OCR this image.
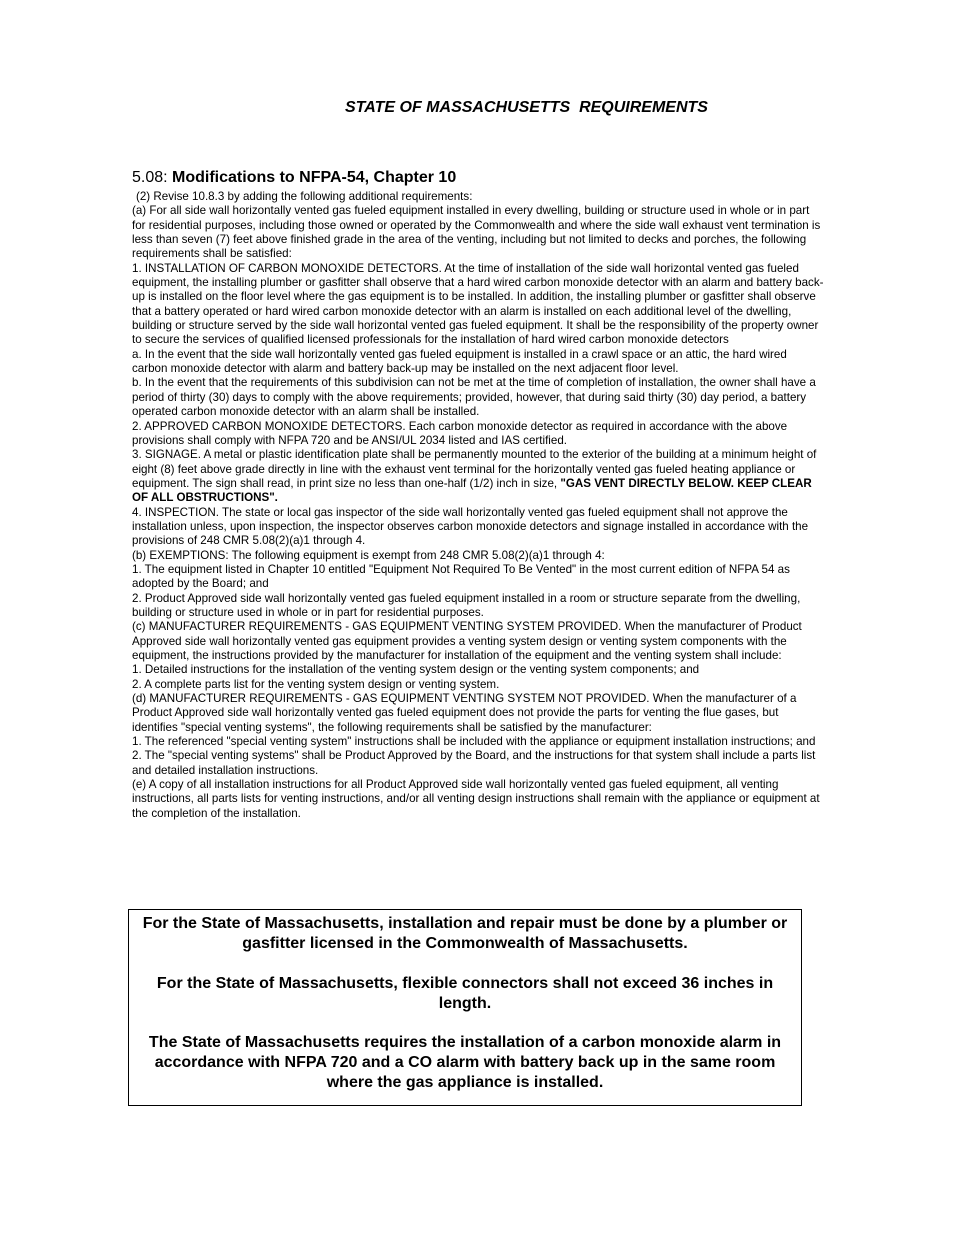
STATE OF MASSACHUSETTS  REQUIREMENTS
5.08: Modifications to NFPA-54, Chapter 10

(2) Revise 10.8.3 by adding the following additional requirements:

(a) For all side wall horizontally vented gas fueled equipment installed in every dwelling, building or structure used in whole or in part for residential purposes, including those owned or operated by the Commonwealth and where the side wall exhaust vent termination is less than seven (7) feet above finished grade in the area of the venting, including but not limited to decks and porches, the following requirements shall be satisfied:

1. INSTALLATION OF CARBON MONOXIDE DETECTORS. At the time of installation of the side wall horizontal vented gas fueled equipment, the installing plumber or gasfitter shall observe that a hard wired carbon monoxide detector with an alarm and battery back-up is installed on the floor level where the gas equipment is to be installed. In addition, the installing plumber or gasfitter shall observe that a battery operated or hard wired carbon monoxide detector with an alarm is installed on each additional level of the dwelling, building or structure served by the side wall horizontal vented gas fueled equipment. It shall be the responsibility of the property owner to secure the services of qualified licensed professionals for the installation of hard wired carbon monoxide detectors

a. In the event that the side wall horizontally vented gas fueled equipment is installed in a crawl space or an attic, the hard wired carbon monoxide detector with alarm and battery back-up may be installed on the next adjacent floor level.

b. In the event that the requirements of this subdivision can not be met at the time of completion of installation, the owner shall have a period of thirty (30) days to comply with the above requirements; provided, however, that during said thirty (30) day period, a battery operated carbon monoxide detector with an alarm shall be installed.

2. APPROVED CARBON MONOXIDE DETECTORS. Each carbon monoxide detector as required in accordance with the above provisions shall comply with NFPA 720 and be ANSI/UL 2034 listed and IAS certified.

3. SIGNAGE. A metal or plastic identification plate shall be permanently mounted to the exterior of the building at a minimum height of eight (8) feet above grade directly in line with the exhaust vent terminal for the horizontally vented gas fueled heating appliance or equipment. The sign shall read, in print size no less than one-half (1/2) inch in size, "GAS VENT DIRECTLY BELOW. KEEP CLEAR OF ALL OBSTRUCTIONS".

4. INSPECTION. The state or local gas inspector of the side wall horizontally vented gas fueled equipment shall not approve the installation unless, upon inspection, the inspector observes carbon monoxide detectors and signage installed in accordance with the provisions of 248 CMR 5.08(2)(a)1 through 4.

(b) EXEMPTIONS: The following equipment is exempt from 248 CMR 5.08(2)(a)1 through 4:

1. The equipment listed in Chapter 10 entitled "Equipment Not Required To Be Vented" in the most current edition of NFPA 54 as adopted by the Board; and

2. Product Approved side wall horizontally vented gas fueled equipment installed in a room or structure separate from the dwelling, building or structure used in whole or in part for residential purposes.

(c) MANUFACTURER REQUIREMENTS - GAS EQUIPMENT VENTING SYSTEM PROVIDED. When the manufacturer of Product Approved side wall horizontally vented gas equipment provides a venting system design or venting system components with the equipment, the instructions provided by the manufacturer for installation of the equipment and the venting system shall include:

1. Detailed instructions for the installation of the venting system design or the venting system components; and

2. A complete parts list for the venting system design or venting system.

(d) MANUFACTURER REQUIREMENTS - GAS EQUIPMENT VENTING SYSTEM NOT PROVIDED. When the manufacturer of a Product Approved side wall horizontally vented gas fueled equipment does not provide the parts for venting the flue gases, but identifies "special venting systems", the following requirements shall be satisfied by the manufacturer:

1. The referenced "special venting system" instructions shall be included with the appliance or equipment installation instructions; and

2. The "special venting systems" shall be Product Approved by the Board, and the instructions for that system shall include a parts list and detailed installation instructions.

(e) A copy of all installation instructions for all Product Approved side wall horizontally vented gas fueled equipment, all venting instructions, all parts lists for venting instructions, and/or all venting design instructions shall remain with the appliance or equipment at the completion of the installation.

For the State of Massachusetts, installation and repair must be done by a plumber or gasfitter licensed in the Commonwealth of Massachusetts.

For the State of Massachusetts, flexible connectors shall not exceed 36 inches in length.

The State of Massachusetts requires the installation of a carbon monoxide alarm in accordance with NFPA 720 and a CO alarm with battery back up in the same room where the gas appliance is installed.
